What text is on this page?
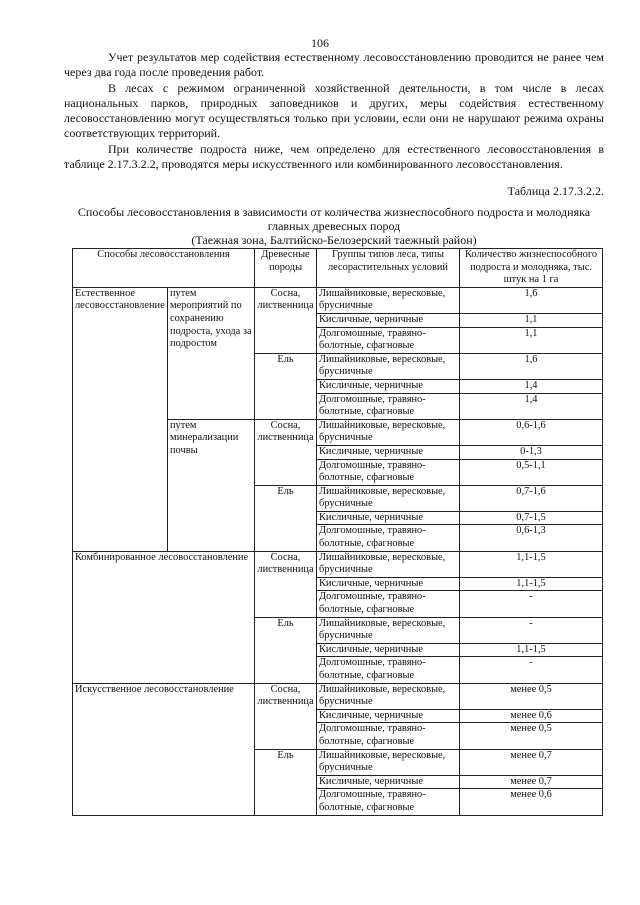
106

Учет результатов мер содействия естественному лесовосстановлению проводится не ранее чем через два года после проведения работ.

В лесах с режимом ограниченной хозяйственной деятельности, в том числе в лесах национальных парков, природных заповедников и других, меры содействия естественному лесовосстановлению могут осуществляться только при условии, если они не нарушают режима охраны соответствующих территорий.

При количестве подроста ниже, чем определено для естественного лесовосстановления в таблице 2.17.3.2.2, проводятся меры искусственного или комбинированного лесовосстановления.

Таблица 2.17.3.2.2.
Способы лесовосстановления в зависимости от количества жизнеспособного подроста и молодняка главных древесных пород
(Таежная зона, Балтийско-Белозерский таежный район)
Способы лесовосстановления		Древесные породы	Группы типов леса, типы лесорастительных условий	Количество жизнеспособного подроста и молодняка, тыс. штук на 1 га
Естественное лесовосстановление	путем мероприятий по сохранению подроста, ухода за подростом	Сосна, лиственница	Лишайниковые, вересковые, брусничные	1,6
			Кисличные, черничные	1,1
			Долгомошные, травяно-болотные, сфагновые	1,1
		Ель	Лишайниковые, вересковые, брусничные	1,6
			Кисличные, черничные	1,4
			Долгомошные, травяно-болотные, сфагновые	1,4
	путем минерализации почвы	Сосна, лиственница	Лишайниковые, вересковые, брусничные	0,6-1,6
			Кисличные, черничные	0-1,3
			Долгомошные, травяно-болотные, сфагновые	0,5-1,1
		Ель	Лишайниковые, вересковые, брусничные	0,7-1,6
			Кисличные, черничные	0,7-1,5
			Долгомошные, травяно-болотные, сфагновые	0,6-1,3
Комбинированное лесовосстановление		Сосна, лиственница	Лишайниковые, вересковые, брусничные	1,1-1,5
			Кисличные, черничные	1,1-1,5
			Долгомошные, травяно-болотные, сфагновые	-
		Ель	Лишайниковые, вересковые, брусничные	-
			Кисличные, черничные	1,1-1,5
			Долгомошные, травяно-болотные, сфагновые	-
Искусственное лесовосстановление		Сосна, лиственница	Лишайниковые, вересковые, брусничные	менее 0,5
			Кисличные, черничные	менее 0,6
			Долгомошные, травяно-болотные, сфагновые	менее 0,5
		Ель	Лишайниковые, вересковые, брусничные	менее 0,7
			Кисличные, черничные	менее 0,7
			Долгомошные, травяно-болотные, сфагновые	менее 0,6
